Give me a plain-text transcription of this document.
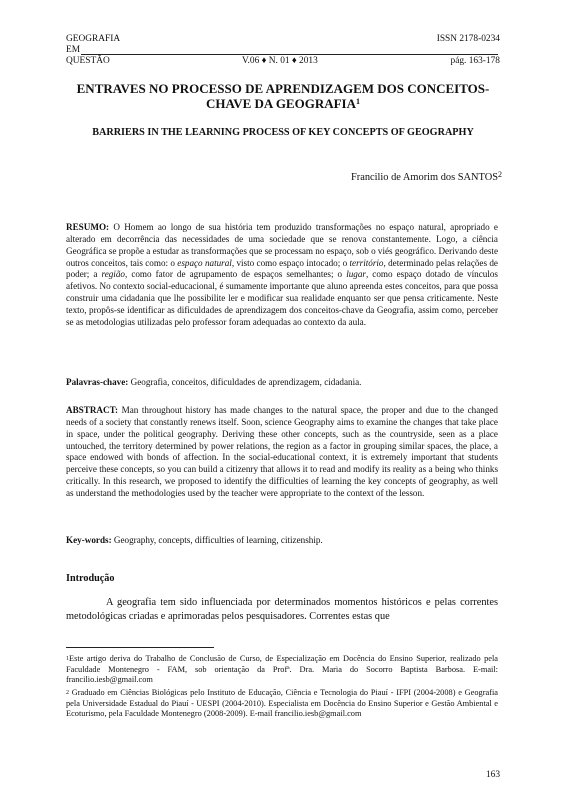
GEOGRAFIA	ISSN 2178-0234
EM
QUESTÃO	V.06 ♦ N. 01 ♦ 2013	pág. 163-178
ENTRAVES NO PROCESSO DE APRENDIZAGEM DOS CONCEITOS-CHAVE DA GEOGRAFIA$^1$
BARRIERS IN THE LEARNING PROCESS OF KEY CONCEPTS OF GEOGRAPHY
Francilio de Amorim dos SANTOS$^2$
RESUMO: O Homem ao longo de sua história tem produzido transformações no espaço natural, apropriado e alterado em decorrência das necessidades de uma sociedade que se renova constantemente. Logo, a ciência Geográfica se propõe a estudar as transformações que se processam no espaço, sob o viés geográfico. Derivando deste outros conceitos, tais como: o espaço natural, visto como espaço intocado; o território, determinado pelas relações de poder; a região, como fator de agrupamento de espaços semelhantes; o lugar, como espaço dotado de vínculos afetivos. No contexto social-educacional, é sumamente importante que aluno apreenda estes conceitos, para que possa construir uma cidadania que lhe possibilite ler e modificar sua realidade enquanto ser que pensa criticamente. Neste texto, propôs-se identificar as dificuldades de aprendizagem dos conceitos-chave da Geografia, assim como, perceber se as metodologias utilizadas pelo professor foram adequadas ao contexto da aula.
Palavras-chave: Geografia, conceitos, dificuldades de aprendizagem, cidadania.
ABSTRACT: Man throughout history has made changes to the natural space, the proper and due to the changed needs of a society that constantly renews itself. Soon, science Geography aims to examine the changes that take place in space, under the political geography. Deriving these other concepts, such as the countryside, seen as a place untouched, the territory determined by power relations, the region as a factor in grouping similar spaces, the place, a space endowed with bonds of affection. In the social-educational context, it is extremely important that students perceive these concepts, so you can build a citizenry that allows it to read and modify its reality as a being who thinks critically. In this research, we proposed to identify the difficulties of learning the key concepts of geography, as well as understand the methodologies used by the teacher were appropriate to the context of the lesson.
Key-words: Geography, concepts, difficulties of learning, citizenship.
Introdução
A geografia tem sido influenciada por determinados momentos históricos e pelas correntes metodológicas criadas e aprimoradas pelos pesquisadores. Correntes estas que
$^1$Este artigo deriva do Trabalho de Conclusão de Curso, de Especialização em Docência do Ensino Superior, realizado pela Faculdade Montenegro - FAM, sob orientação da Profª. Dra. Maria do Socorro Baptista Barbosa. E-mail: francilio.iesb@gmail.com
$^2$ Graduado em Ciências Biológicas pelo Instituto de Educação, Ciência e Tecnologia do Piauí - IFPI (2004-2008) e Geografia pela Universidade Estadual do Piauí - UESPI (2004-2010). Especialista em Docência do Ensino Superior e Gestão Ambiental e Ecoturismo, pela Faculdade Montenegro (2008-2009). E-mail francilio.iesb@gmail.com
163
